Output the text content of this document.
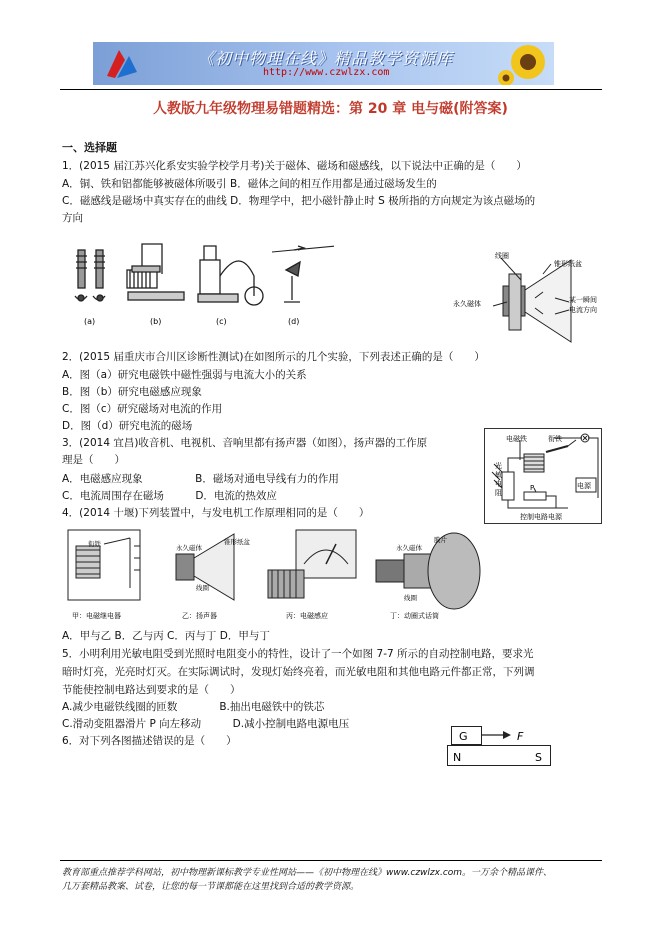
《初中物理在线》精品教学资源库
http://www.czwlzx.com
人教版九年级物理易错题精选：第 20 章 电与磁(附答案)
一、选择题
1．(2015 届江苏兴化系安实验学校学月考)关于磁体、磁场和磁感线，以下说法中正确的是（　　）
A．铜、铁和铝都能够被磁体所吸引 B．磁体之间的相互作用都是通过磁场发生的
C．磁感线是磁场中真实存在的曲线 D．物理学中，把小磁针静止时 S 极所指的方向规定为该点磁场的
方向
(a)	(b)	(c)	(d)
线圈
锥形纸盆
永久磁体	某一瞬间
电流方向
2．(2015 届重庆市合川区诊断性测试)在如图所示的几个实验，下列表述正确的是（　　）
A．图（a）研究电磁铁中磁性强弱与电流大小的关系
B．图（b）研究电磁感应现象
C．图（c）研究磁场对电流的作用
D．图（d）研究电流的磁场
电磁铁	衔铁
光
敏
电
阻
P	电源
控制电路电源
3．(2014 宜昌)收音机、电视机、音响里都有扬声器（如图），扬声器的工作原
理是（　　）
A．电磁感应现象　　　　　B．磁场对通电导线有力的作用
C．电流周围存在磁场　　　D．电流的热效应
4．(2014 十堰)下列装置中，与发电机工作原理相同的是（　　）
衔铁	永久磁体
锥形纸盆
线圈
永久磁体
线圈
膜片
甲：电磁继电器	乙：扬声器	丙：电磁感应	丁：动圈式话筒
A．甲与乙 B．乙与丙 C．丙与丁 D．甲与丁
5．小明利用光敏电阻受到光照时电阻变小的特性，设计了一个如图 7-7 所示的自动控制电路，要求光
暗时灯亮，光亮时灯灭。在实际调试时，发现灯始终亮着，而光敏电阻和其他电路元件都正常，下列调
节能使控制电路达到要求的是（　　）
A.减少电磁铁线圈的匝数　　　　B.抽出电磁铁中的铁芯
C.滑动变阻器滑片 P 向左移动　　　D.减小控制电路电源电压
6．对下列各图描述错误的是（　　）	G	F
N	S
教育部重点推荐学科网站，初中物理新课标教学专业性网站——《初中物理在线》www.czwlzx.com。一万余个精品课件、
几万套精品教案、试卷，让您的每一节课都能在这里找到合适的教学资源。
